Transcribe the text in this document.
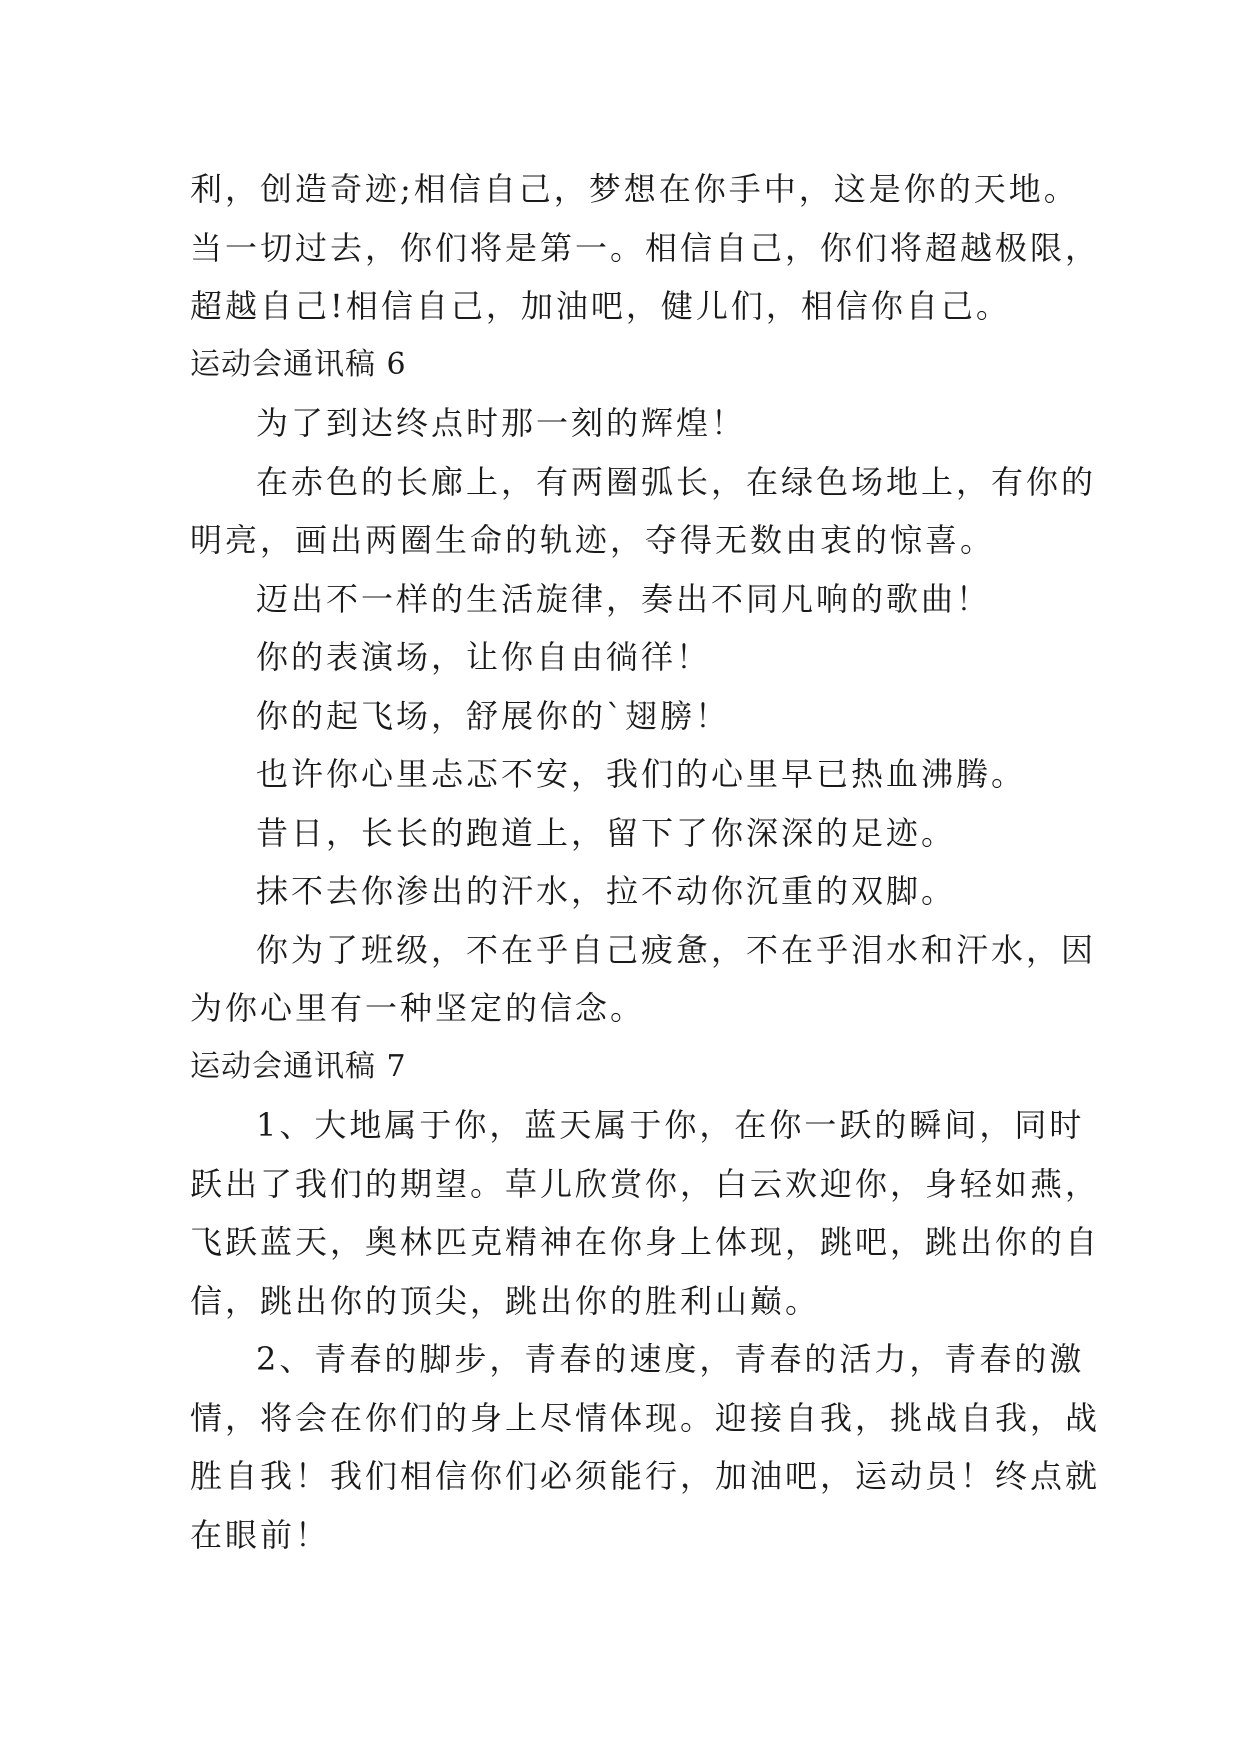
利，创造奇迹;相信自己，梦想在你手中，这是你的天地。
当一切过去，你们将是第一。相信自己，你们将超越极限，
超越自己!相信自己，加油吧，健儿们，相信你自己。
运动会通讯稿 6
为了到达终点时那一刻的辉煌！
在赤色的长廊上，有两圈弧长，在绿色场地上，有你的
明亮，画出两圈生命的轨迹，夺得无数由衷的惊喜。
迈出不一样的生活旋律，奏出不同凡响的歌曲！
你的表演场，让你自由徜徉！
你的起飞场，舒展你的`翅膀！
也许你心里忐忑不安，我们的心里早已热血沸腾。
昔日，长长的跑道上，留下了你深深的足迹。
抹不去你渗出的汗水，拉不动你沉重的双脚。
你为了班级，不在乎自己疲惫，不在乎泪水和汗水，因
为你心里有一种坚定的信念。
运动会通讯稿 7
1、大地属于你，蓝天属于你，在你一跃的瞬间，同时
跃出了我们的期望。草儿欣赏你，白云欢迎你，身轻如燕，
飞跃蓝天，奥林匹克精神在你身上体现，跳吧，跳出你的自
信，跳出你的顶尖，跳出你的胜利山巅。
2、青春的脚步，青春的速度，青春的活力，青春的激
情，将会在你们的身上尽情体现。迎接自我，挑战自我，战
胜自我！我们相信你们必须能行，加油吧，运动员！终点就
在眼前！
